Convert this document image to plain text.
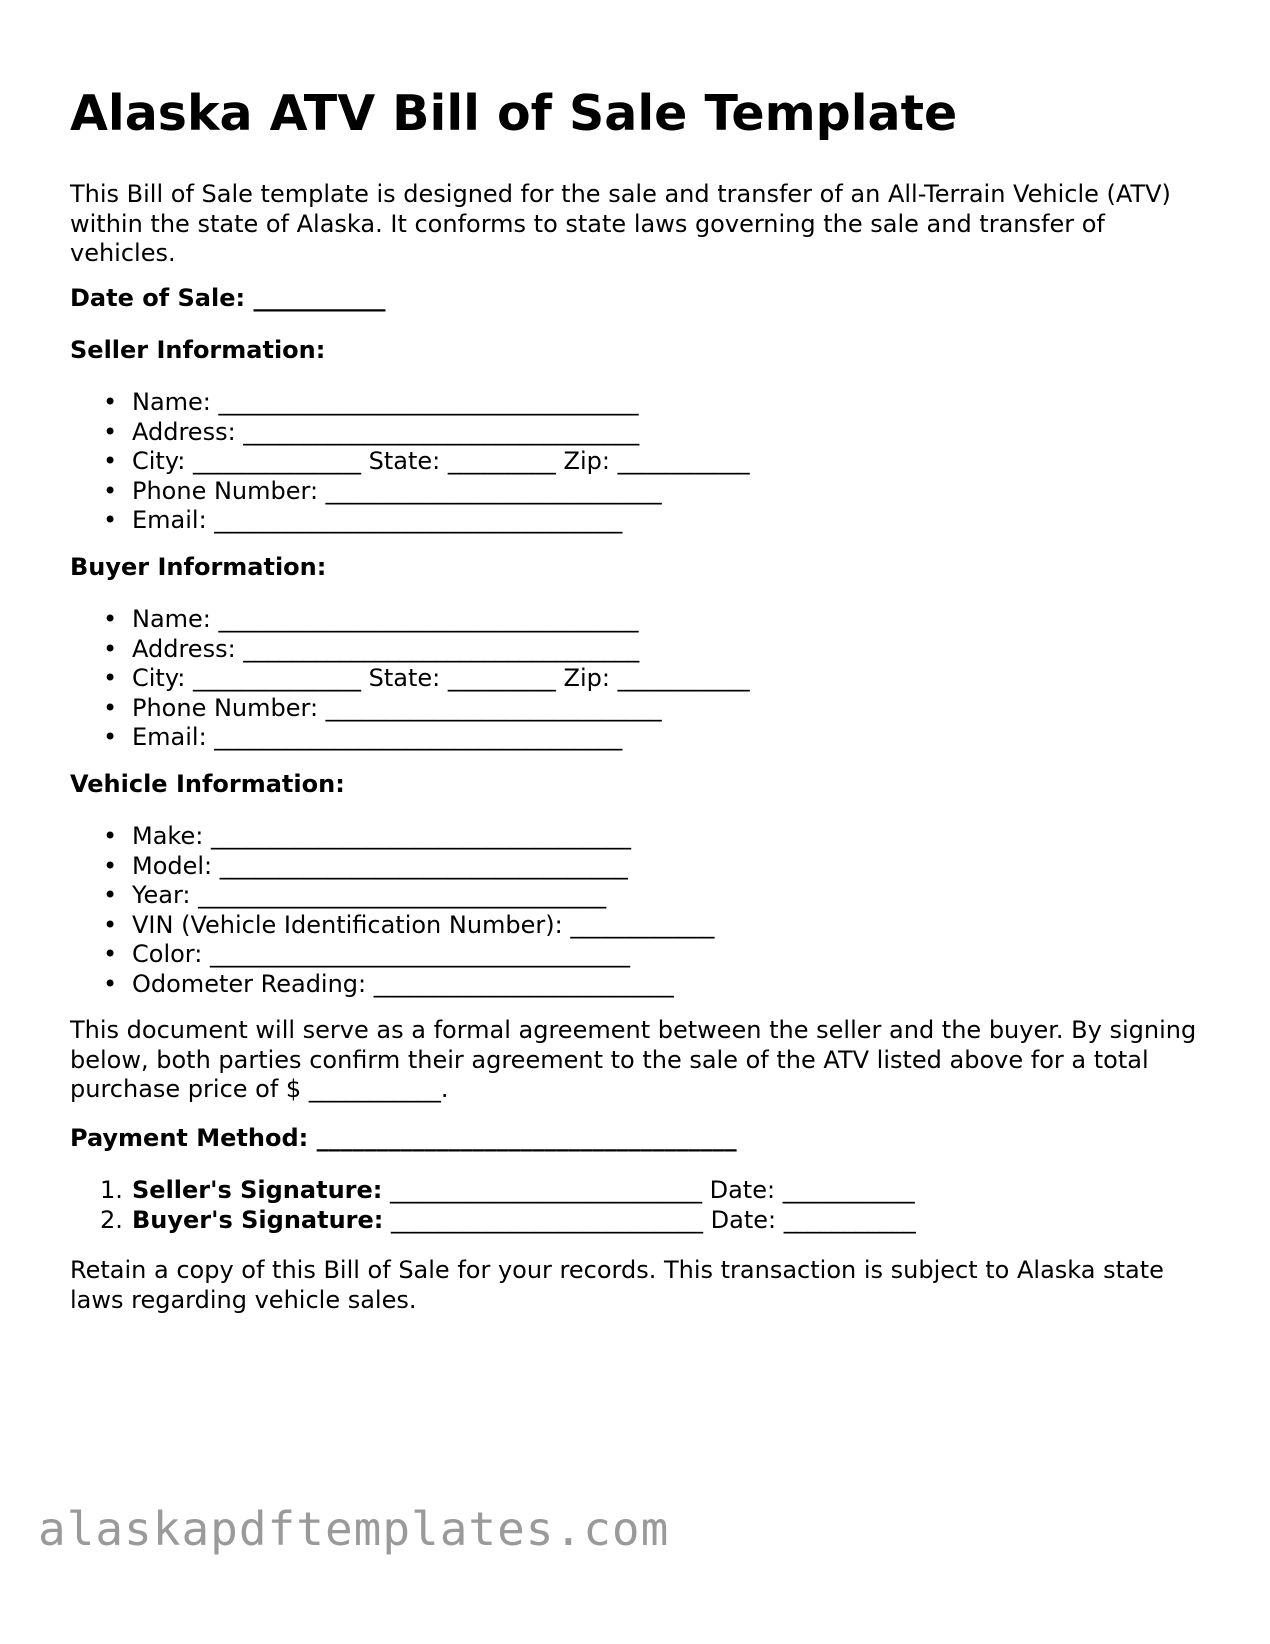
Alaska ATV Bill of Sale Template

This Bill of Sale template is designed for the sale and transfer of an All-Terrain Vehicle (ATV) within the state of Alaska. It conforms to state laws governing the sale and transfer of vehicles.

Date of Sale: ___________

Seller Information:

• Name: ___________________________________
• Address: _________________________________
• City: ______________ State: _________ Zip: ___________
• Phone Number: ____________________________
• Email: __________________________________

Buyer Information:

• Name: ___________________________________
• Address: _________________________________
• City: ______________ State: _________ Zip: ___________
• Phone Number: ____________________________
• Email: __________________________________

Vehicle Information:

• Make: ___________________________________
• Model: __________________________________
• Year: __________________________________
• VIN (Vehicle Identification Number): ____________
• Color: ___________________________________
• Odometer Reading: _________________________

This document will serve as a formal agreement between the seller and the buyer. By signing below, both parties confirm their agreement to the sale of the ATV listed above for a total purchase price of $ ___________.

Payment Method: ___________________________________

1. Seller's Signature: __________________________ Date: ___________
2. Buyer's Signature: __________________________ Date: ___________

Retain a copy of this Bill of Sale for your records. This transaction is subject to Alaska state laws regarding vehicle sales.

alaskapdftemplates.com
